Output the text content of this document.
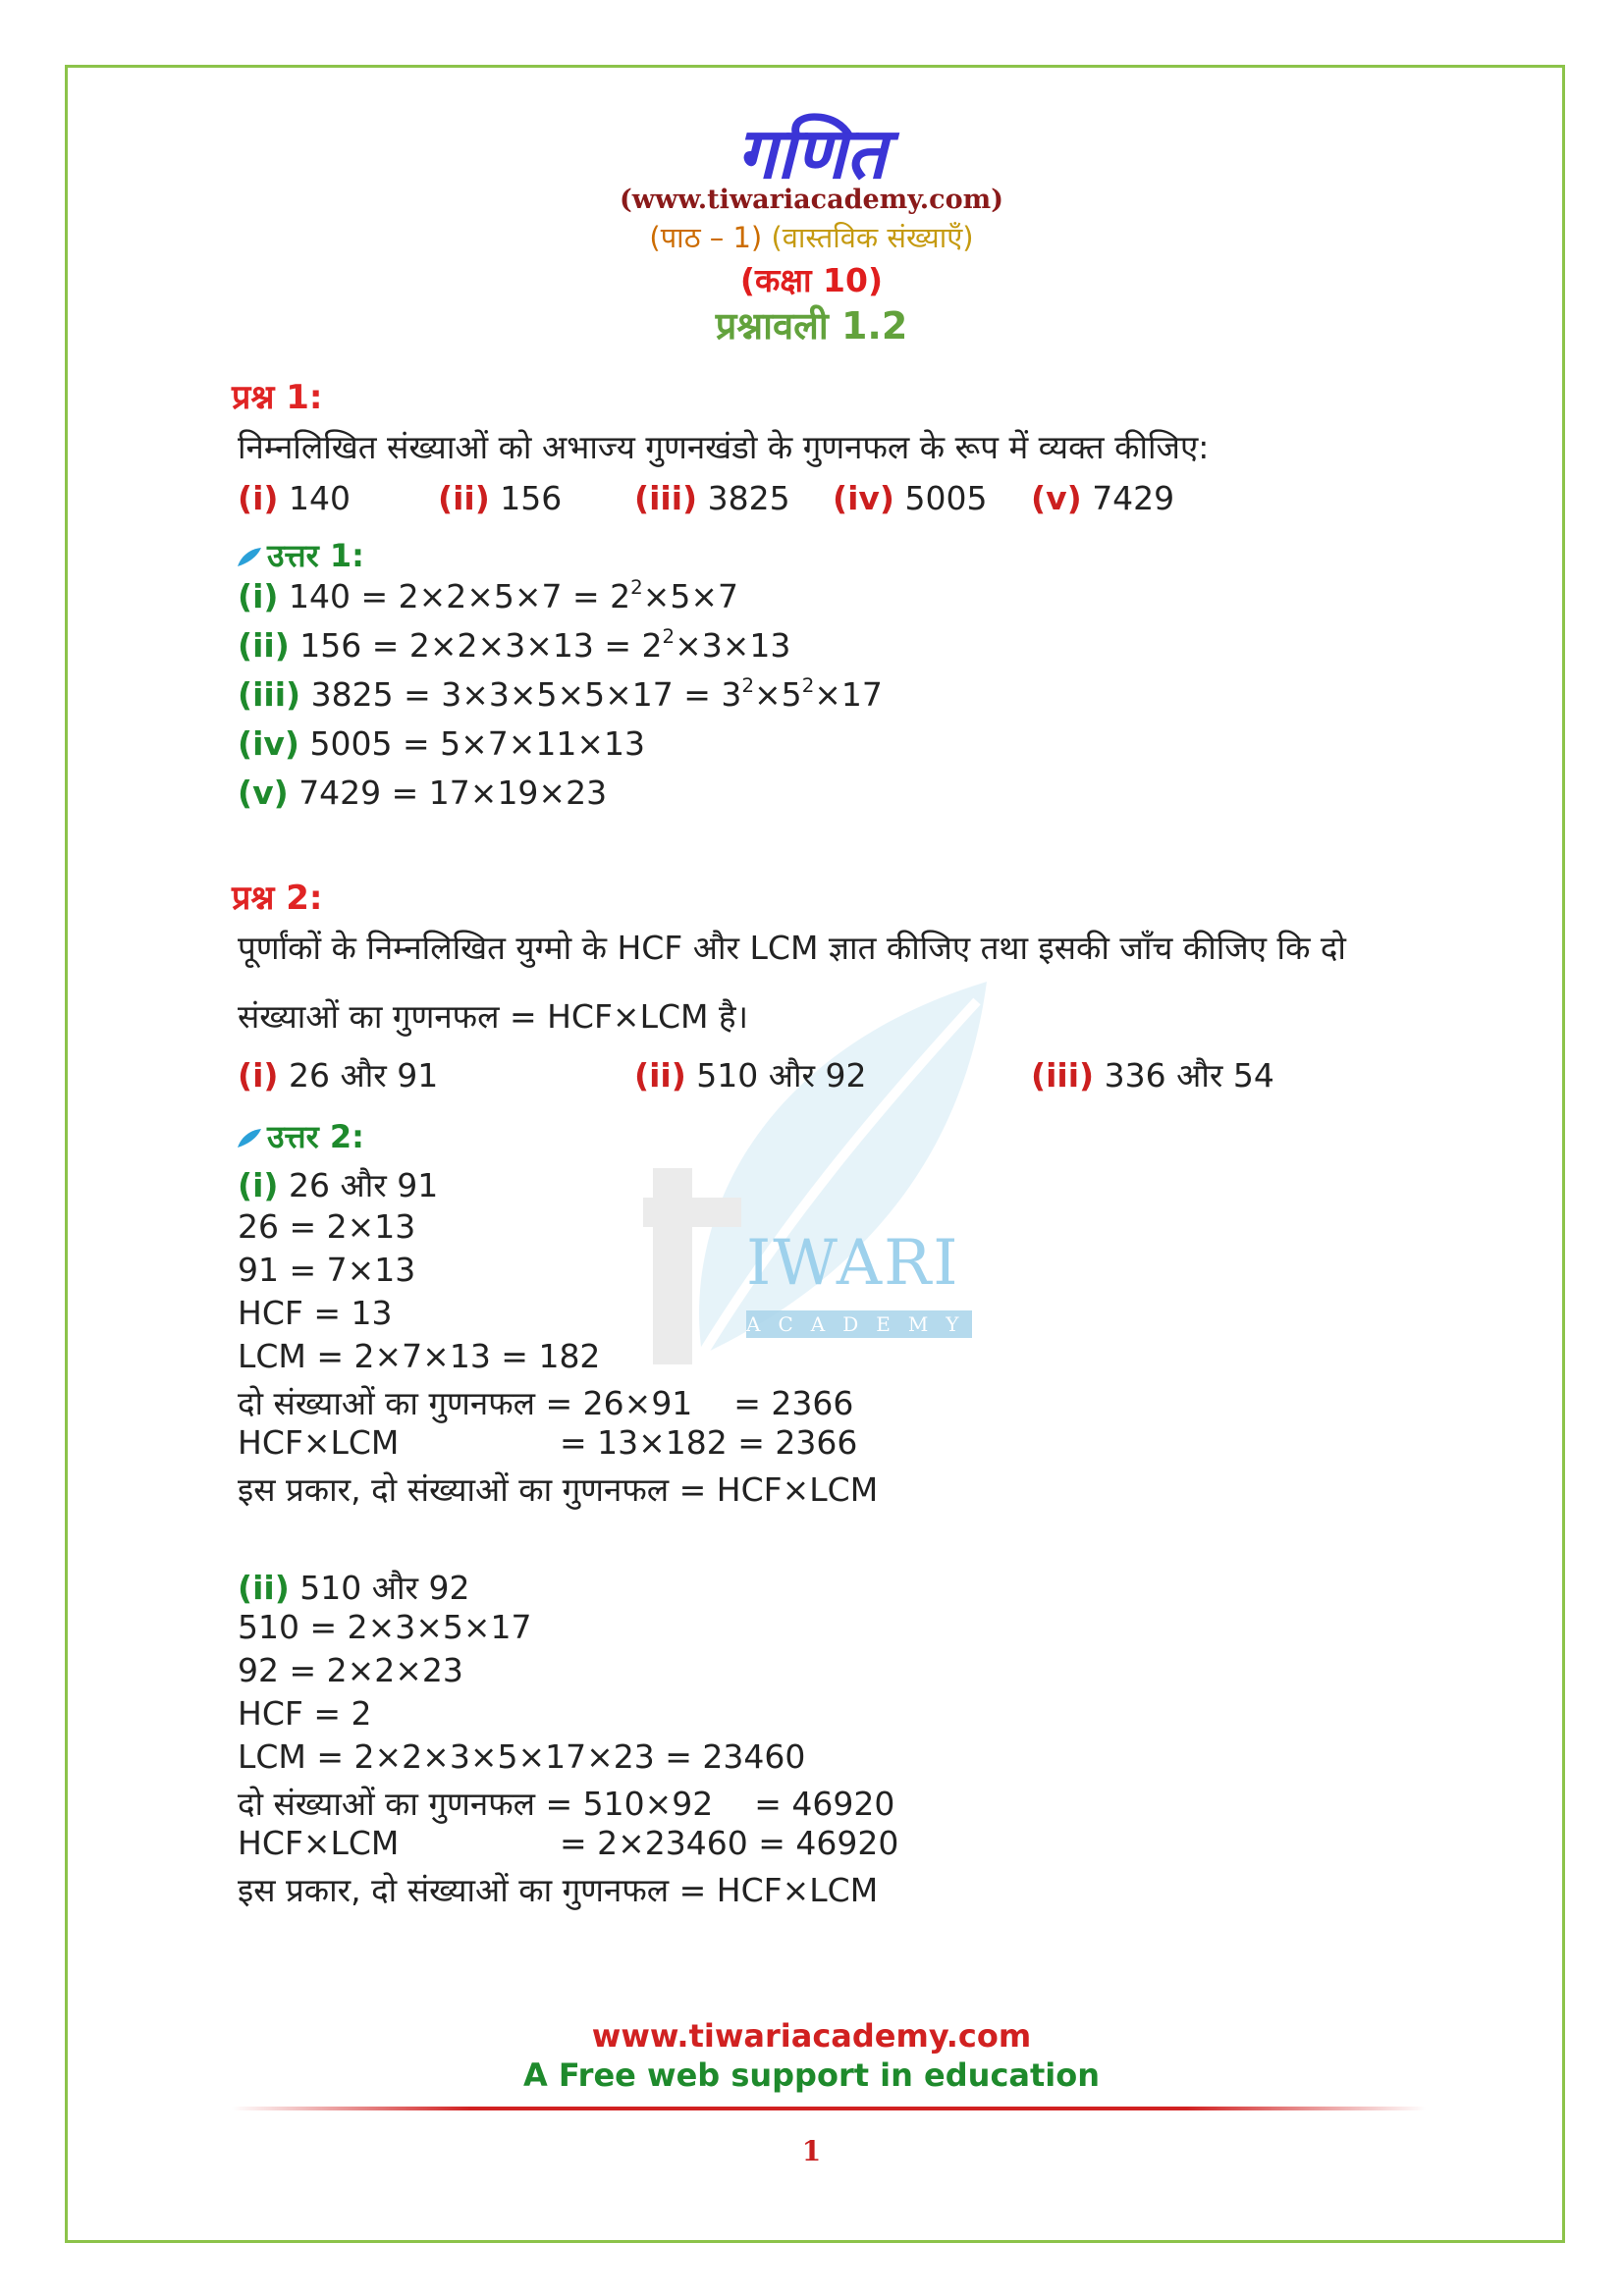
IWARI
ACADEMY
गणित
(www.tiwariacademy.com)
(पाठ – 1) (वास्तविक संख्याएँ)
(कक्षा 10)
प्रश्नावली 1.2
प्रश्न 1:
निम्नलिखित संख्याओं को अभाज्य गुणनखंडो के गुणनफल के रूप में व्यक्त कीजिए:
(i) 140	(ii) 156 (iii) 3825 (iv) 5005 (v) 7429
उत्तर 1:
(i) $140 = 2\times 2\times 5\times 7 = 2^2\times 5\times 7$
(ii) $156 = 2\times 2\times 3\times 13 = 2^2\times 3\times 13$
(iii) $3825 = 3\times 3\times 5\times 5\times 17 = 3^2\times 5^2\times 17$
(iv) 5005 = 5×7×11×13
(v) 7429 = 17×19×23
प्रश्न 2:
पूर्णांकों के निम्नलिखित युग्मो के HCF और LCM ज्ञात कीजिए तथा इसकी जाँच कीजिए कि दो
संख्याओं का गुणनफल = HCF×LCM है।
(i) 26 और 91	(ii) 510 और 92	(iii) 336 और 54
उत्तर 2:
(i) 26 और 91
26 = 2×13
91 = 7×13
HCF = 13
LCM = 2×7×13 = 182
दो संख्याओं का गुणनफल = 26×91    = 2366
HCF×LCM	= 13×182 = 2366
इस प्रकार, दो संख्याओं का गुणनफल = HCF×LCM
(ii) 510 और 92
510 = 2×3×5×17
92 = 2×2×23
HCF = 2
LCM = 2×2×3×5×17×23 = 23460
दो संख्याओं का गुणनफल = 510×92    = 46920
HCF×LCM	= 2×23460 = 46920
इस प्रकार, दो संख्याओं का गुणनफल = HCF×LCM
www.tiwariacademy.com
A Free web support in education
1
